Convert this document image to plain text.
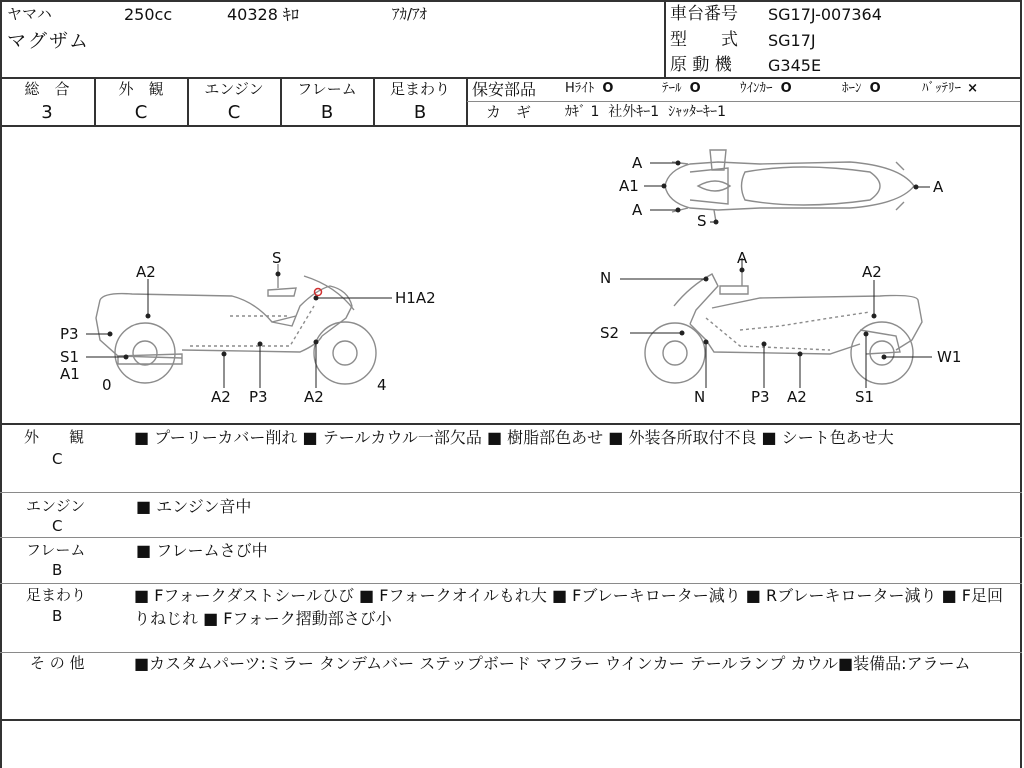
ヤマハ	250cc	40328 ｷﾛ	ｱｶ/ｱｵ
マグザム
車台番号 SG17J-007364
型　　式 SG17J
原 動 機 G345E
総　合
3
外　観
C
エンジン
C
フレーム
B
足まわり
B
保安部品 Hﾗｲﾄ O	ﾃｰﾙ O	ｳｲﾝｶｰ O	ﾎｰﾝ O	ﾊﾞｯﾃﾘｰ ×
カ　ギ ｶｷﾞ 1  社外ｷｰ1  ｼｬｯﾀｰｷｰ1
A2
S
H1A2
P3
S1
A1
0
A2 P3 A2
4
A
A1
A
S
A
N
A
A2
S2
W1
N	P3 A2	S1
外　　観
C
■ プーリーカバー削れ ■ テールカウル一部欠品 ■ 樹脂部色あせ ■ 外装各所取付不良 ■ シート色あせ大
エンジン
C
■ エンジン音中
フレーム
B
■ フレームさび中
足まわり
B
■ Fフォークダストシールひび ■ Fフォークオイルもれ大 ■ Fブレーキローター減り ■ Rブレーキローター減り ■ F足回りねじれ ■ Fフォーク摺動部さび小
そ の 他	■カスタムパーツ:ミラー タンデムバー ステップボード マフラー ウインカー テールランプ カウル■装備品:アラーム
